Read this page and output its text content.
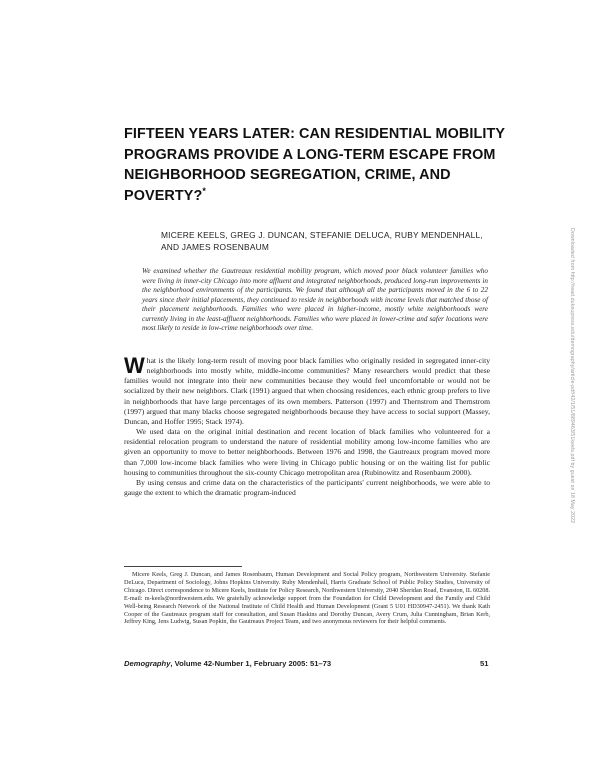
FIFTEEN YEARS LATER: CAN RESIDENTIAL MOBILITY PROGRAMS PROVIDE A LONG-TERM ESCAPE FROM NEIGHBORHOOD SEGREGATION, CRIME, AND POVERTY?*
MICERE KEELS, GREG J. DUNCAN, STEFANIE DELUCA, RUBY MENDENHALL,
AND JAMES ROSENBAUM
We examined whether the Gautreaux residential mobility program, which moved poor black volunteer families who were living in inner-city Chicago into more affluent and integrated neighborhoods, produced long-run improvements in the neighborhood environments of the participants. We found that although all the participants moved in the 6 to 22 years since their initial placements, they continued to reside in neighborhoods with income levels that matched those of their placement neighborhoods. Families who were placed in higher-income, mostly white neighborhoods were currently living in the least-affluent neighborhoods. Families who were placed in lower-crime and safer locations were most likely to reside in low-crime neighborhoods over time.

What is the likely long-term result of moving poor black families who originally resided in segregated inner-city neighborhoods into mostly white, middle-income communities? Many researchers would predict that these families would not integrate into their new communities because they would feel uncomfortable or would not be socialized by their new neighbors. Clark (1991) argued that when choosing residences, each ethnic group prefers to live in neighborhoods that have large percentages of its own members. Patterson (1997) and Thernstrom and Thernstrom (1997) argued that many blacks choose segregated neighborhoods because they have access to social support (Massey, Duncan, and Hoffer 1995; Stack 1974).

We used data on the original initial destination and recent location of black families who volunteered for a residential relocation program to understand the nature of residential mobility among low-income families who are given an opportunity to move to better neighborhoods. Between 1976 and 1998, the Gautreaux program moved more than 7,000 low-income black families who were living in Chicago public housing or on the waiting list for public housing to communities throughout the six-county Chicago metropolitan area (Rubinowitz and Rosenbaum 2000).

By using census and crime data on the characteristics of the participants' current neighborhoods, we were able to gauge the extent to which the dramatic program-induced

Micere Keels, Greg J. Duncan, and James Rosenbaum, Human Development and Social Policy program, Northwestern University. Stefanie DeLuca, Department of Sociology, Johns Hopkins University. Ruby Mendenhall, Harris Graduate School of Public Policy Studies, University of Chicago. Direct correspondence to Micere Keels, Institute for Policy Research, Northwestern University, 2040 Sheridan Road, Evanston, IL 60208. E-mail: m-keels@northwestern.edu. We gratefully acknowledge support from the Foundation for Child Development and the Family and Child Well-being Research Network of the National Institute of Child Health and Human Development (Grant 5 U01 HD30947-2451). We thank Kath Cooper of the Gautreaux program staff for consultation, and Susan Haskins and Dorothy Duncan, Avery Crum, Julia Cunningham, Brian Kerb, Jeffrey King, Jens Ludwig, Susan Popkin, the Gautreaux Project Team, and two anonymous reviewers for their helpful comments.

Demography, Volume 42-Number 1, February 2005: 51–73	51
Downloaded from http://read.dukeupress.edu/demography/article-pdf/42/1/51/889463/51keels.pdf by guest on 18 May 2022
